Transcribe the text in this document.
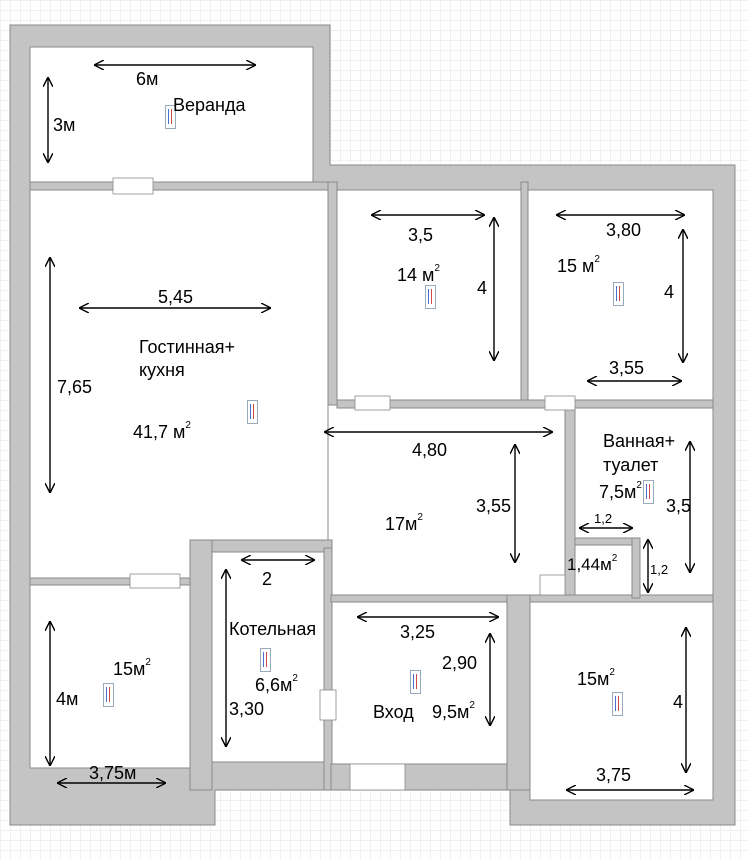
Веранда
Гостинная+
кухня
41,7 $м^2$
14 $м^2$	15 $м^2$
$17м^2$
Ванная+
туалет
$7,5м^2$
$1,44м^2$
$15м^2$
Котельная
$6,6м^2$
Вход $9,5м^2$
$15м^2$
6м
3м
5,45
7,65
3,5
4
3,80
4
3,55
4,80
3,55	3,5
1,2
1,2
2
3,30
3,25
2,90
4м
3,75м
4
3,75
